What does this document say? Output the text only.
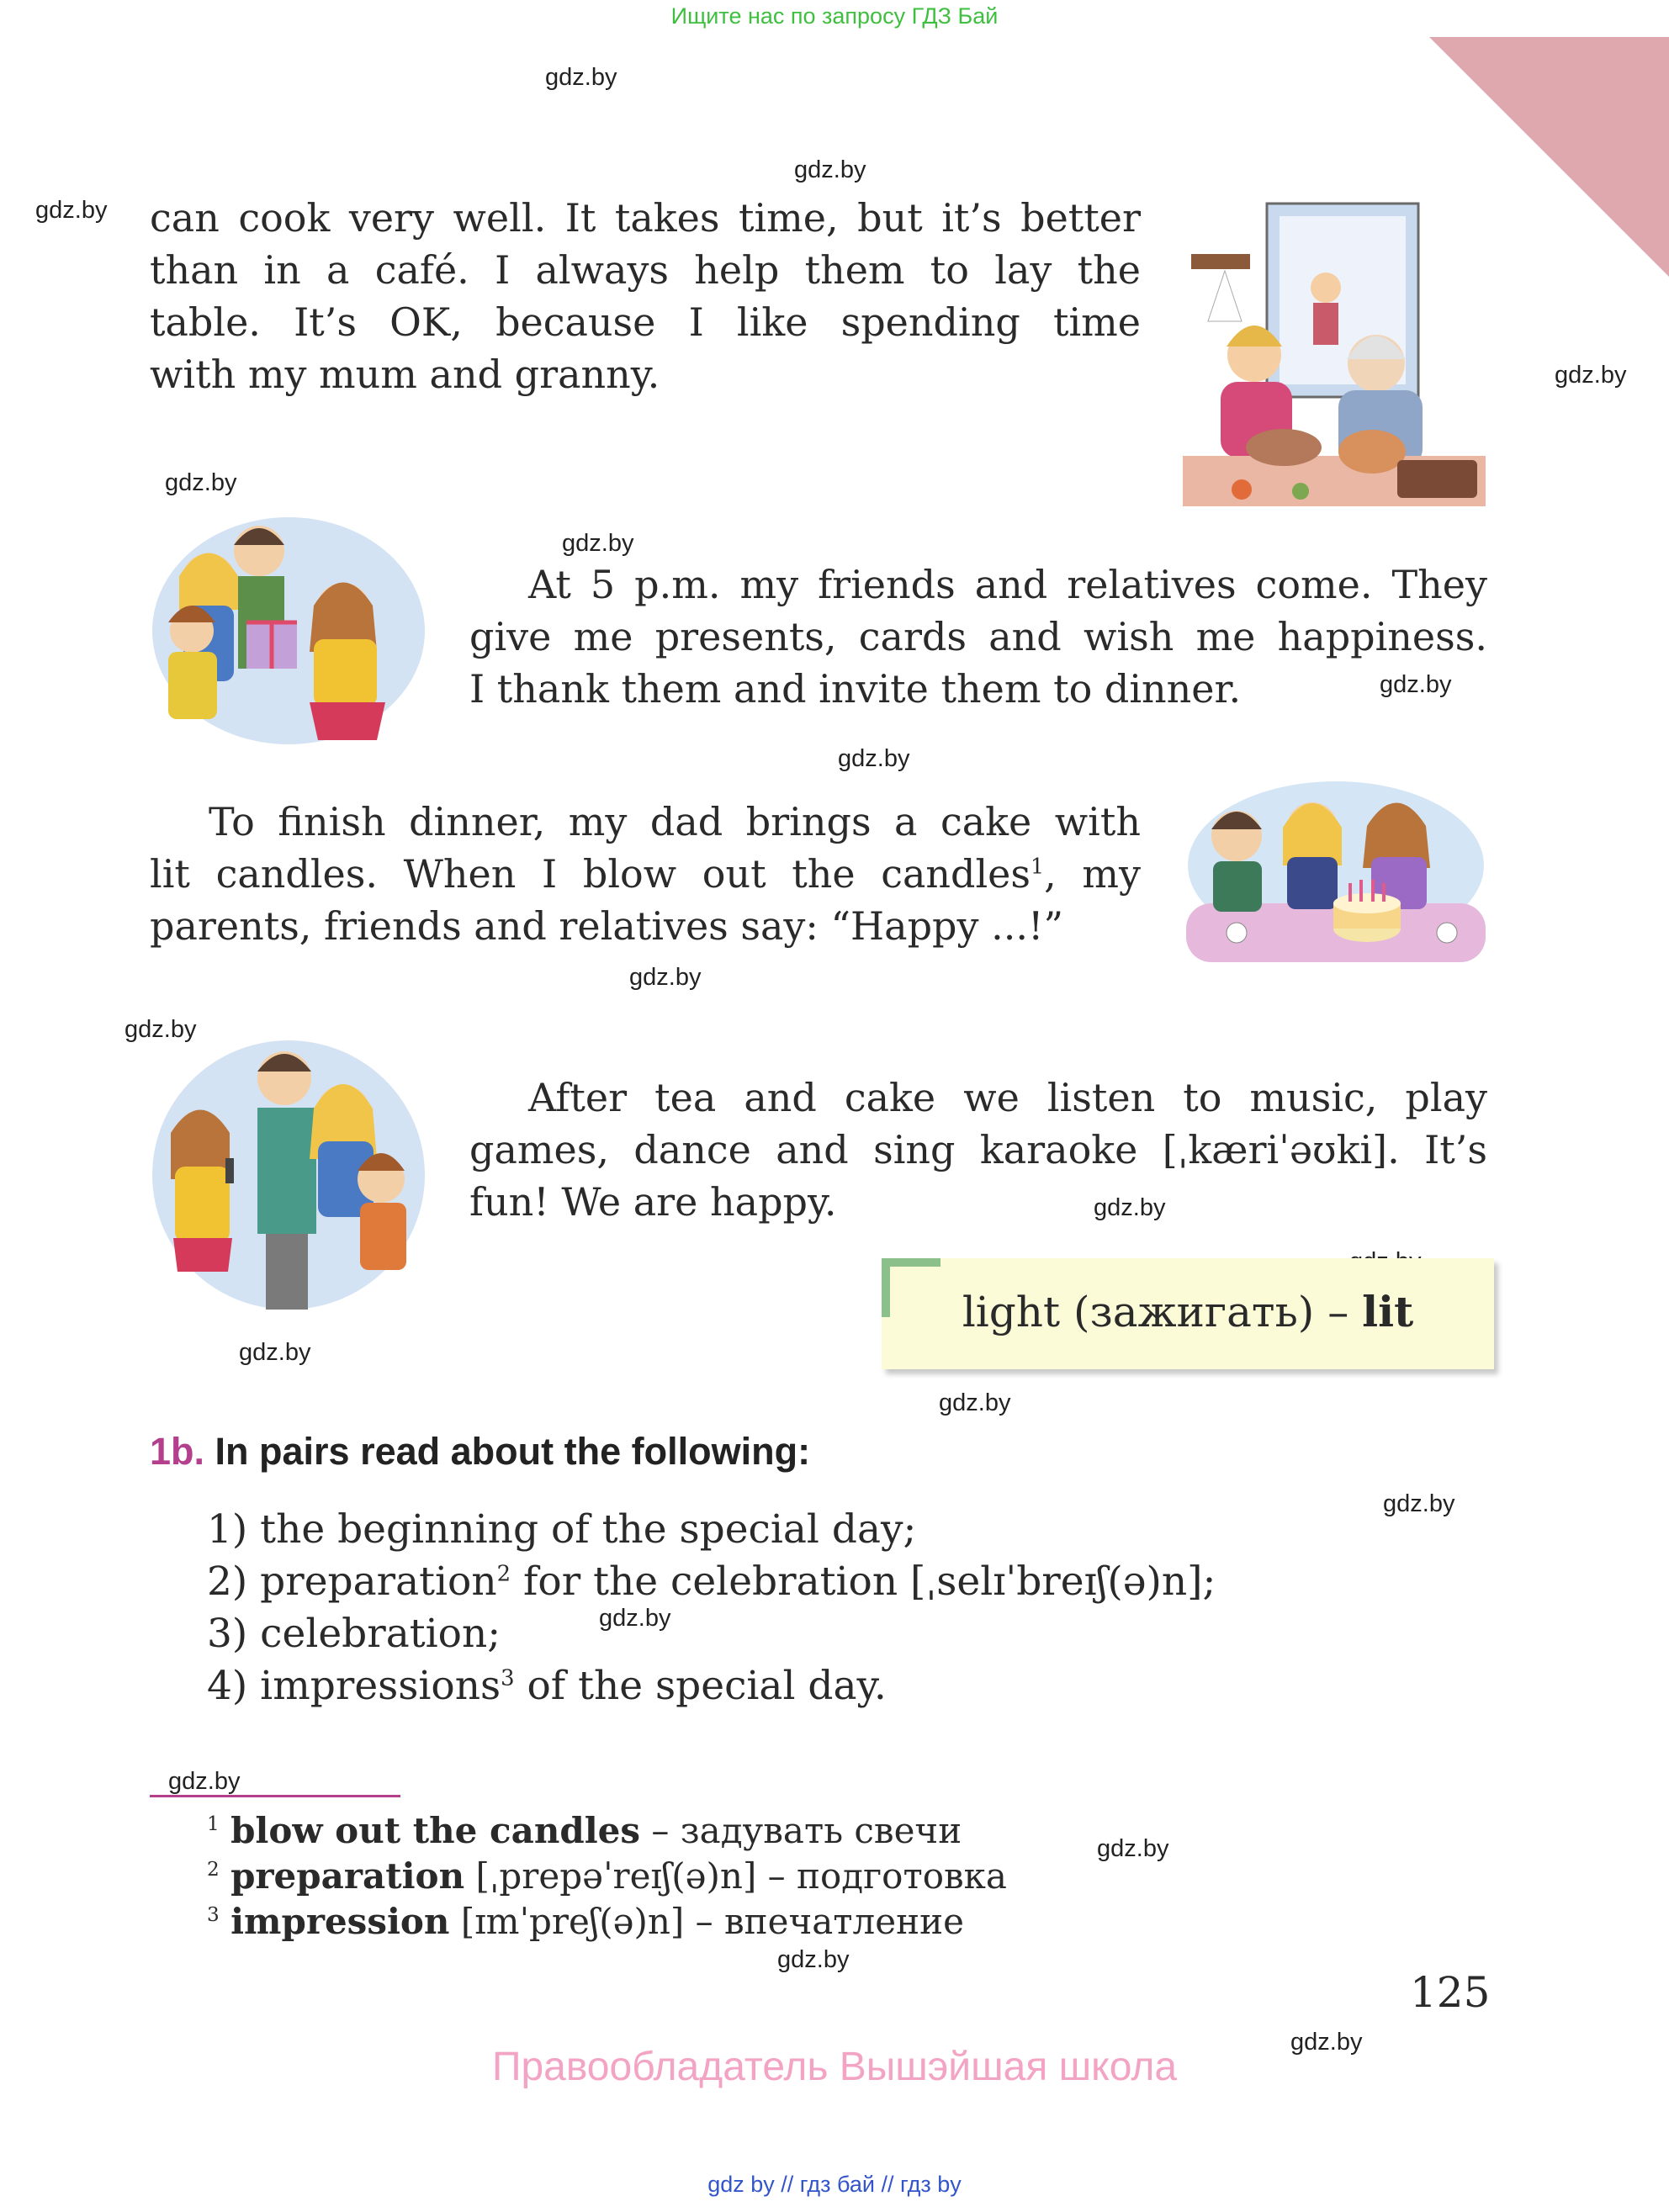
Ищите нас по запросу ГДЗ Бай
gdz.by
gdz.by
gdz.by
gdz.by
gdz.by
gdz.by
gdz.by
gdz.by
gdz.by
gdz.by
gdz.by
gdz.by
gdz.by
gdz.by
gdz.by
gdz.by
gdz.by
gdz.by
gdz.by
can cook very well. It takes time, but it’s better
than in a café. I always help them to lay the
table. It’s OK, because I like spending time
with my mum and granny.
At 5 p.m. my friends and relatives come. They
give me presents, cards and wish me happiness.
I thank them and invite them to dinner.
To finish dinner, my dad brings a cake with
lit candles. When I blow out the candles$^1$, my
parents, friends and relatives say: “Happy ...!”
After tea and cake we listen to music, play
games, dance and sing karaoke [ˌkæriˈəʊki]. It’s
fun! We are happy.
light (зажигать) – lit
1b. In pairs read about the following:
1) the beginning of the special day;
2) preparation$^2$ for the celebration [ˌselɪˈbreɪʃ(ə)n];
3) celebration;
4) impressions$^3$ of the special day.
$^1$ blow out the candles – задувать свечи
$^2$ preparation [ˌprepəˈreɪʃ(ə)n] – подготовка
$^3$ impression [ɪmˈpreʃ(ə)n] – впечатление
125
Правообладатель Вышэйшая школа
gdz by // гдз бай // гдз by
